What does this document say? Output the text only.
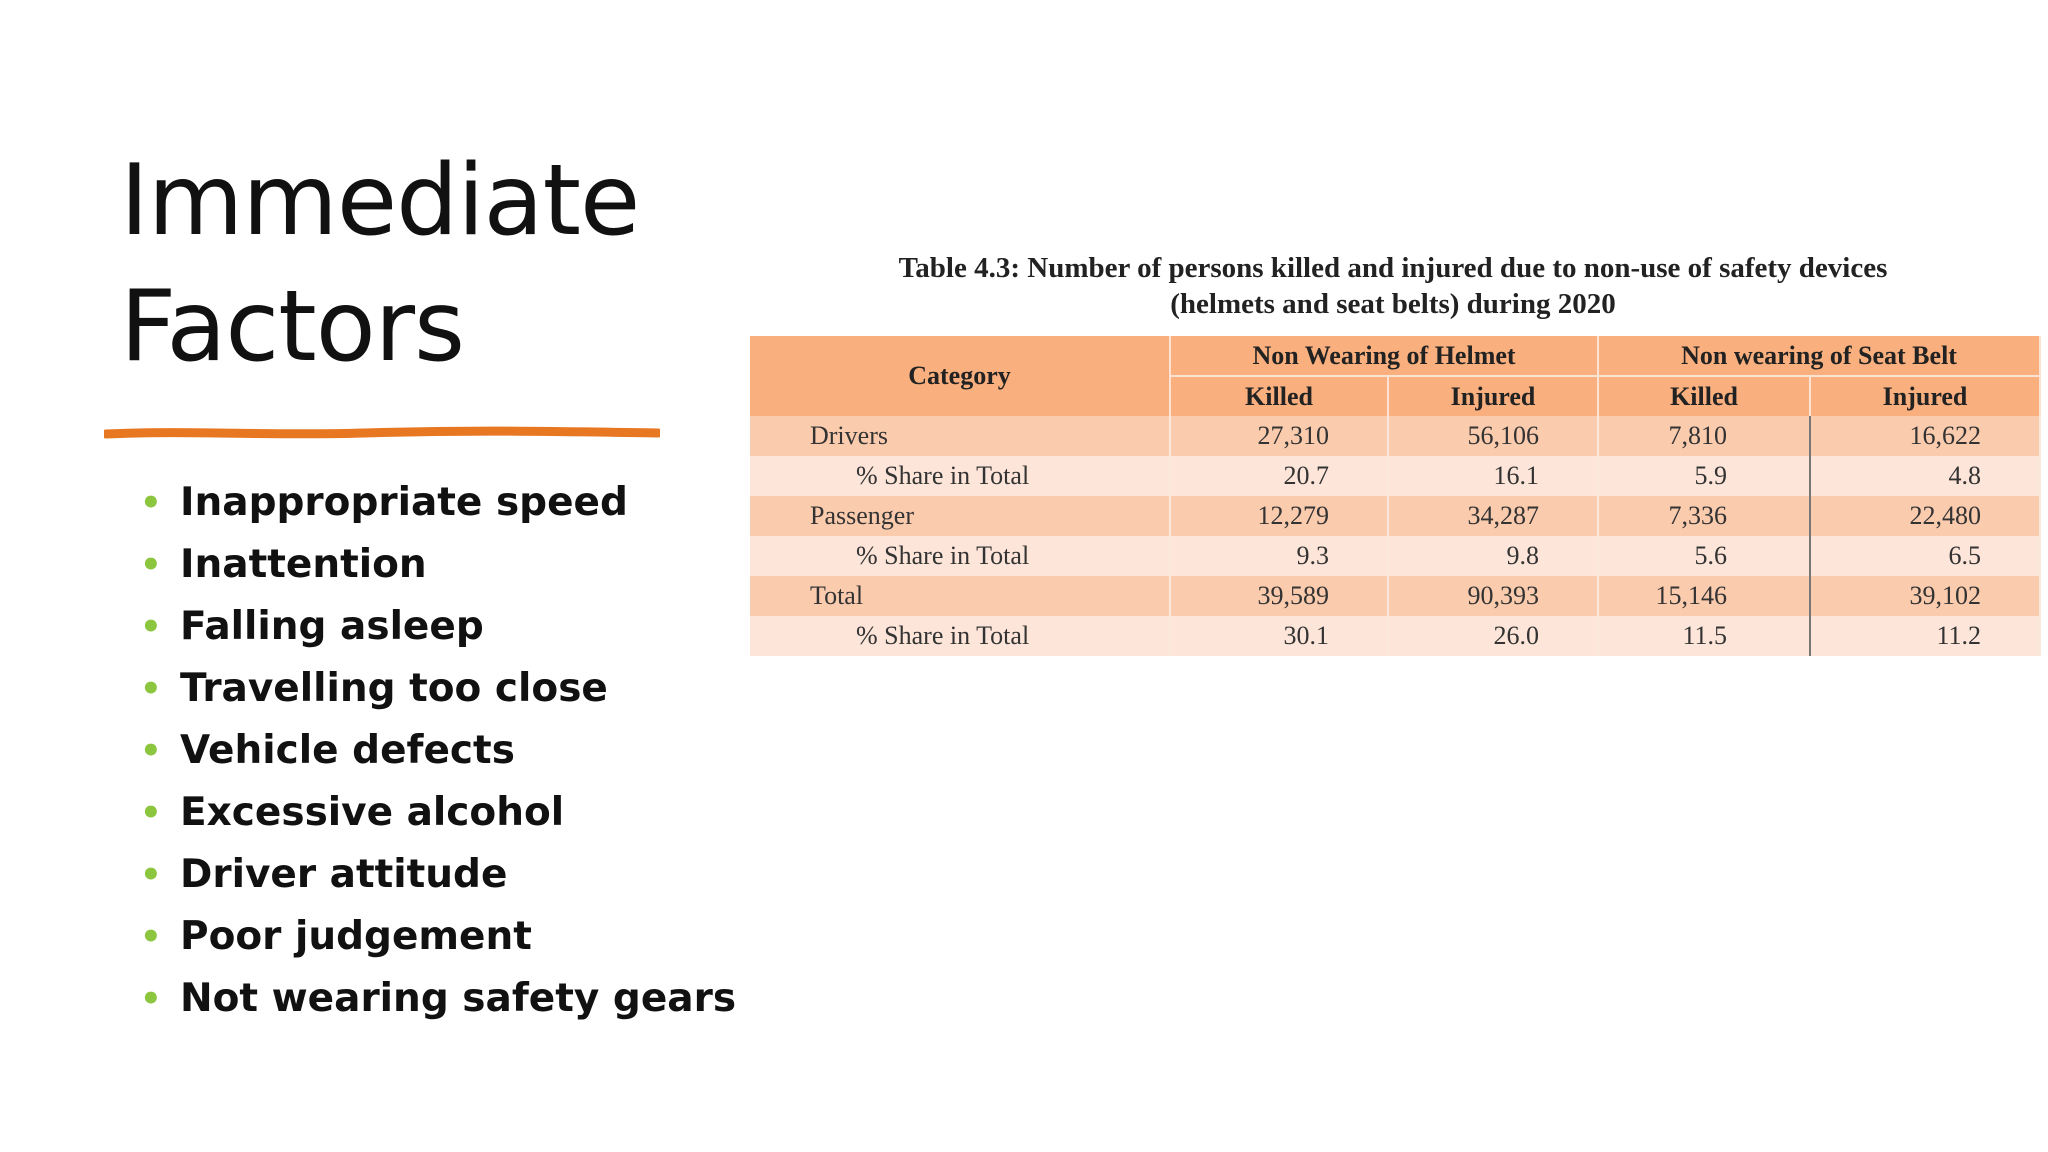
Immediate
Factors
• Inappropriate speed
• Inattention
• Falling asleep
• Travelling too close
• Vehicle defects
• Excessive alcohol
• Driver attitude
• Poor judgement
• Not wearing safety gears
Table 4.3: Number of persons killed and injured due to non-use of safety devices
(helmets and seat belts) during 2020
Category	Non Wearing of Helmet		Non wearing of Seat Belt	
	Killed	Injured	Killed	Injured
Drivers	27,310	56,106	7,810	16,622
% Share in Total	20.7	16.1	5.9	4.8
Passenger	12,279	34,287	7,336	22,480
% Share in Total	9.3	9.8	5.6	6.5
Total	39,589	90,393	15,146	39,102
% Share in Total	30.1	26.0	11.5	11.2
